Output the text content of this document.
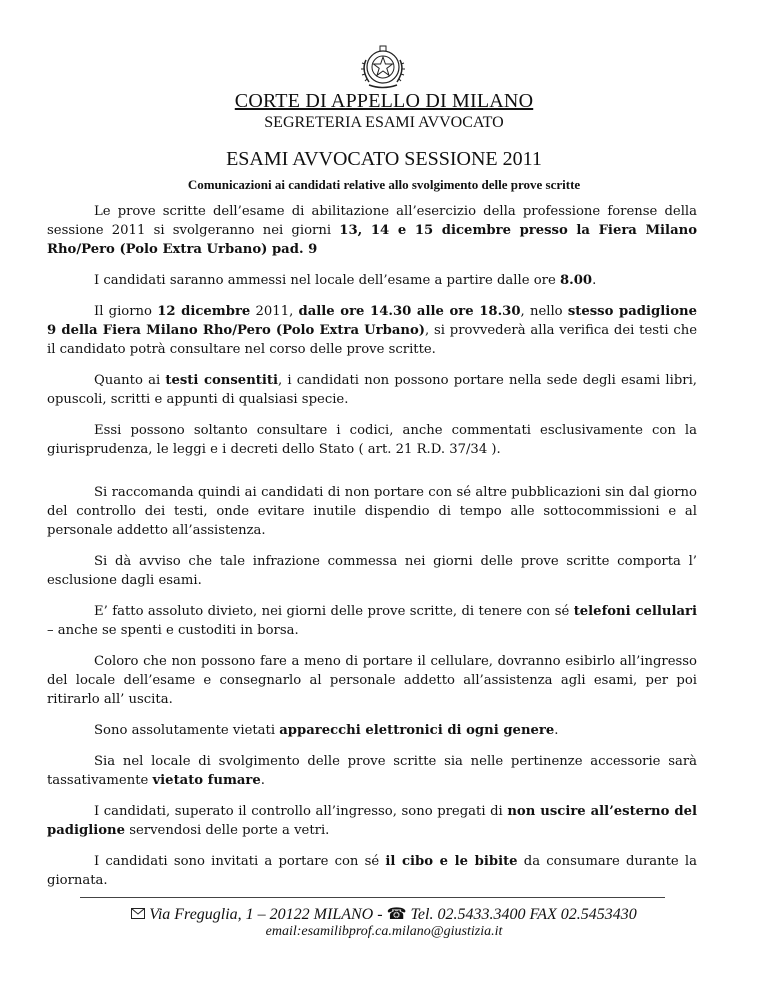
CORTE DI APPELLO DI MILANO
SEGRETERIA ESAMI AVVOCATO
ESAMI AVVOCATO SESSIONE 2011
Comunicazioni ai candidati relative allo svolgimento delle prove scritte

Le prove scritte dell’esame di abilitazione all’esercizio della professione forense della sessione 2011 si svolgeranno nei giorni 13, 14 e 15 dicembre presso la Fiera Milano Rho/Pero (Polo Extra Urbano) pad. 9

I candidati saranno ammessi nel locale dell’esame a partire dalle ore 8.00.

Il giorno 12 dicembre 2011, dalle ore 14.30 alle ore 18.30, nello stesso padiglione 9 della Fiera Milano Rho/Pero (Polo Extra Urbano), si provvederà alla verifica dei testi che il candidato potrà consultare nel corso delle prove scritte.

Quanto ai testi consentiti, i candidati non possono portare nella sede degli esami libri, opuscoli, scritti e appunti di qualsiasi specie.

Essi possono soltanto consultare i codici, anche commentati esclusivamente con la giurisprudenza, le leggi e i decreti dello Stato ( art. 21 R.D. 37/34 ).

Si raccomanda quindi ai candidati di non portare con sé altre pubblicazioni sin dal giorno del controllo dei testi, onde evitare inutile dispendio di tempo alle sottocommissioni e al personale addetto all’assistenza.

Si dà avviso che tale infrazione commessa nei giorni delle prove scritte comporta l’ esclusione dagli esami.

E’ fatto assoluto divieto, nei giorni delle prove scritte, di tenere con sé telefoni cellulari – anche se spenti e custoditi in borsa.

Coloro che non possono fare a meno di portare il cellulare, dovranno esibirlo all’ingresso del locale dell’esame e consegnarlo al personale addetto all’assistenza agli esami, per poi ritirarlo all’ uscita.

Sono assolutamente vietati apparecchi elettronici di ogni genere.

Sia nel locale di svolgimento delle prove scritte sia nelle pertinenze accessorie sarà tassativamente vietato fumare.

I candidati, superato il controllo all’ingresso, sono pregati di non uscire all’esterno del padiglione servendosi delle porte a vetri.

I candidati sono invitati a portare con sé il cibo e le bibite da consumare durante la giornata.

Via Freguglia, 1 – 20122 MILANO - ☎ Tel. 02.5433.3400 FAX 02.5453430
email:esamilibprof.ca.milano@giustizia.it
